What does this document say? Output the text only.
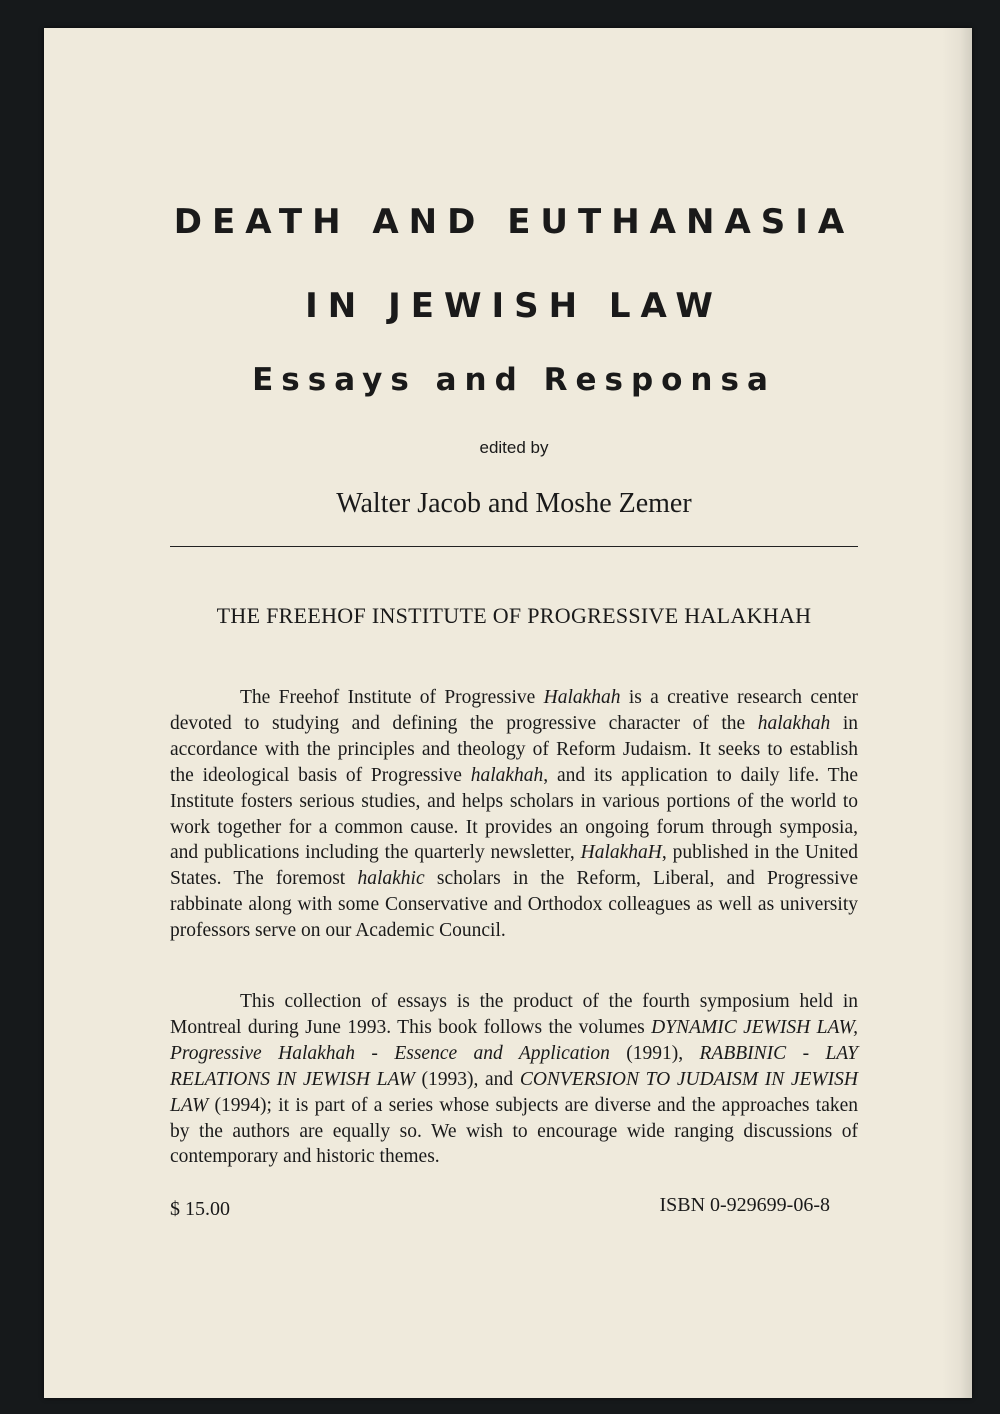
DEATH AND EUTHANASIA
IN JEWISH LAW
Essays and Responsa
edited by
Walter Jacob and Moshe Zemer
THE FREEHOF INSTITUTE OF PROGRESSIVE HALAKHAH

The Freehof Institute of Progressive Halakhah is a creative research center devoted to studying and defining the progressive character of the halakhah in accordance with the principles and theology of Reform Judaism. It seeks to establish the ideological basis of Progressive halakhah, and its application to daily life. The Institute fosters serious studies, and helps scholars in various portions of the world to work together for a common cause. It provides an ongoing forum through symposia, and publications including the quarterly newsletter, HalakhaH, published in the United States. The foremost halakhic scholars in the Reform, Liberal, and Progressive rabbinate along with some Conservative and Orthodox colleagues as well as university professors serve on our Academic Council.

This collection of essays is the product of the fourth symposium held in Montreal during June 1993. This book follows the volumes DYNAMIC JEWISH LAW, Progressive Halakhah - Essence and Application (1991), RABBINIC - LAY RELATIONS IN JEWISH LAW (1993), and CONVERSION TO JUDAISM IN JEWISH LAW (1994); it is part of a series whose subjects are diverse and the approaches taken by the authors are equally so. We wish to encourage wide ranging discussions of contemporary and historic themes.

$ 15.00	ISBN 0-929699-06-8
